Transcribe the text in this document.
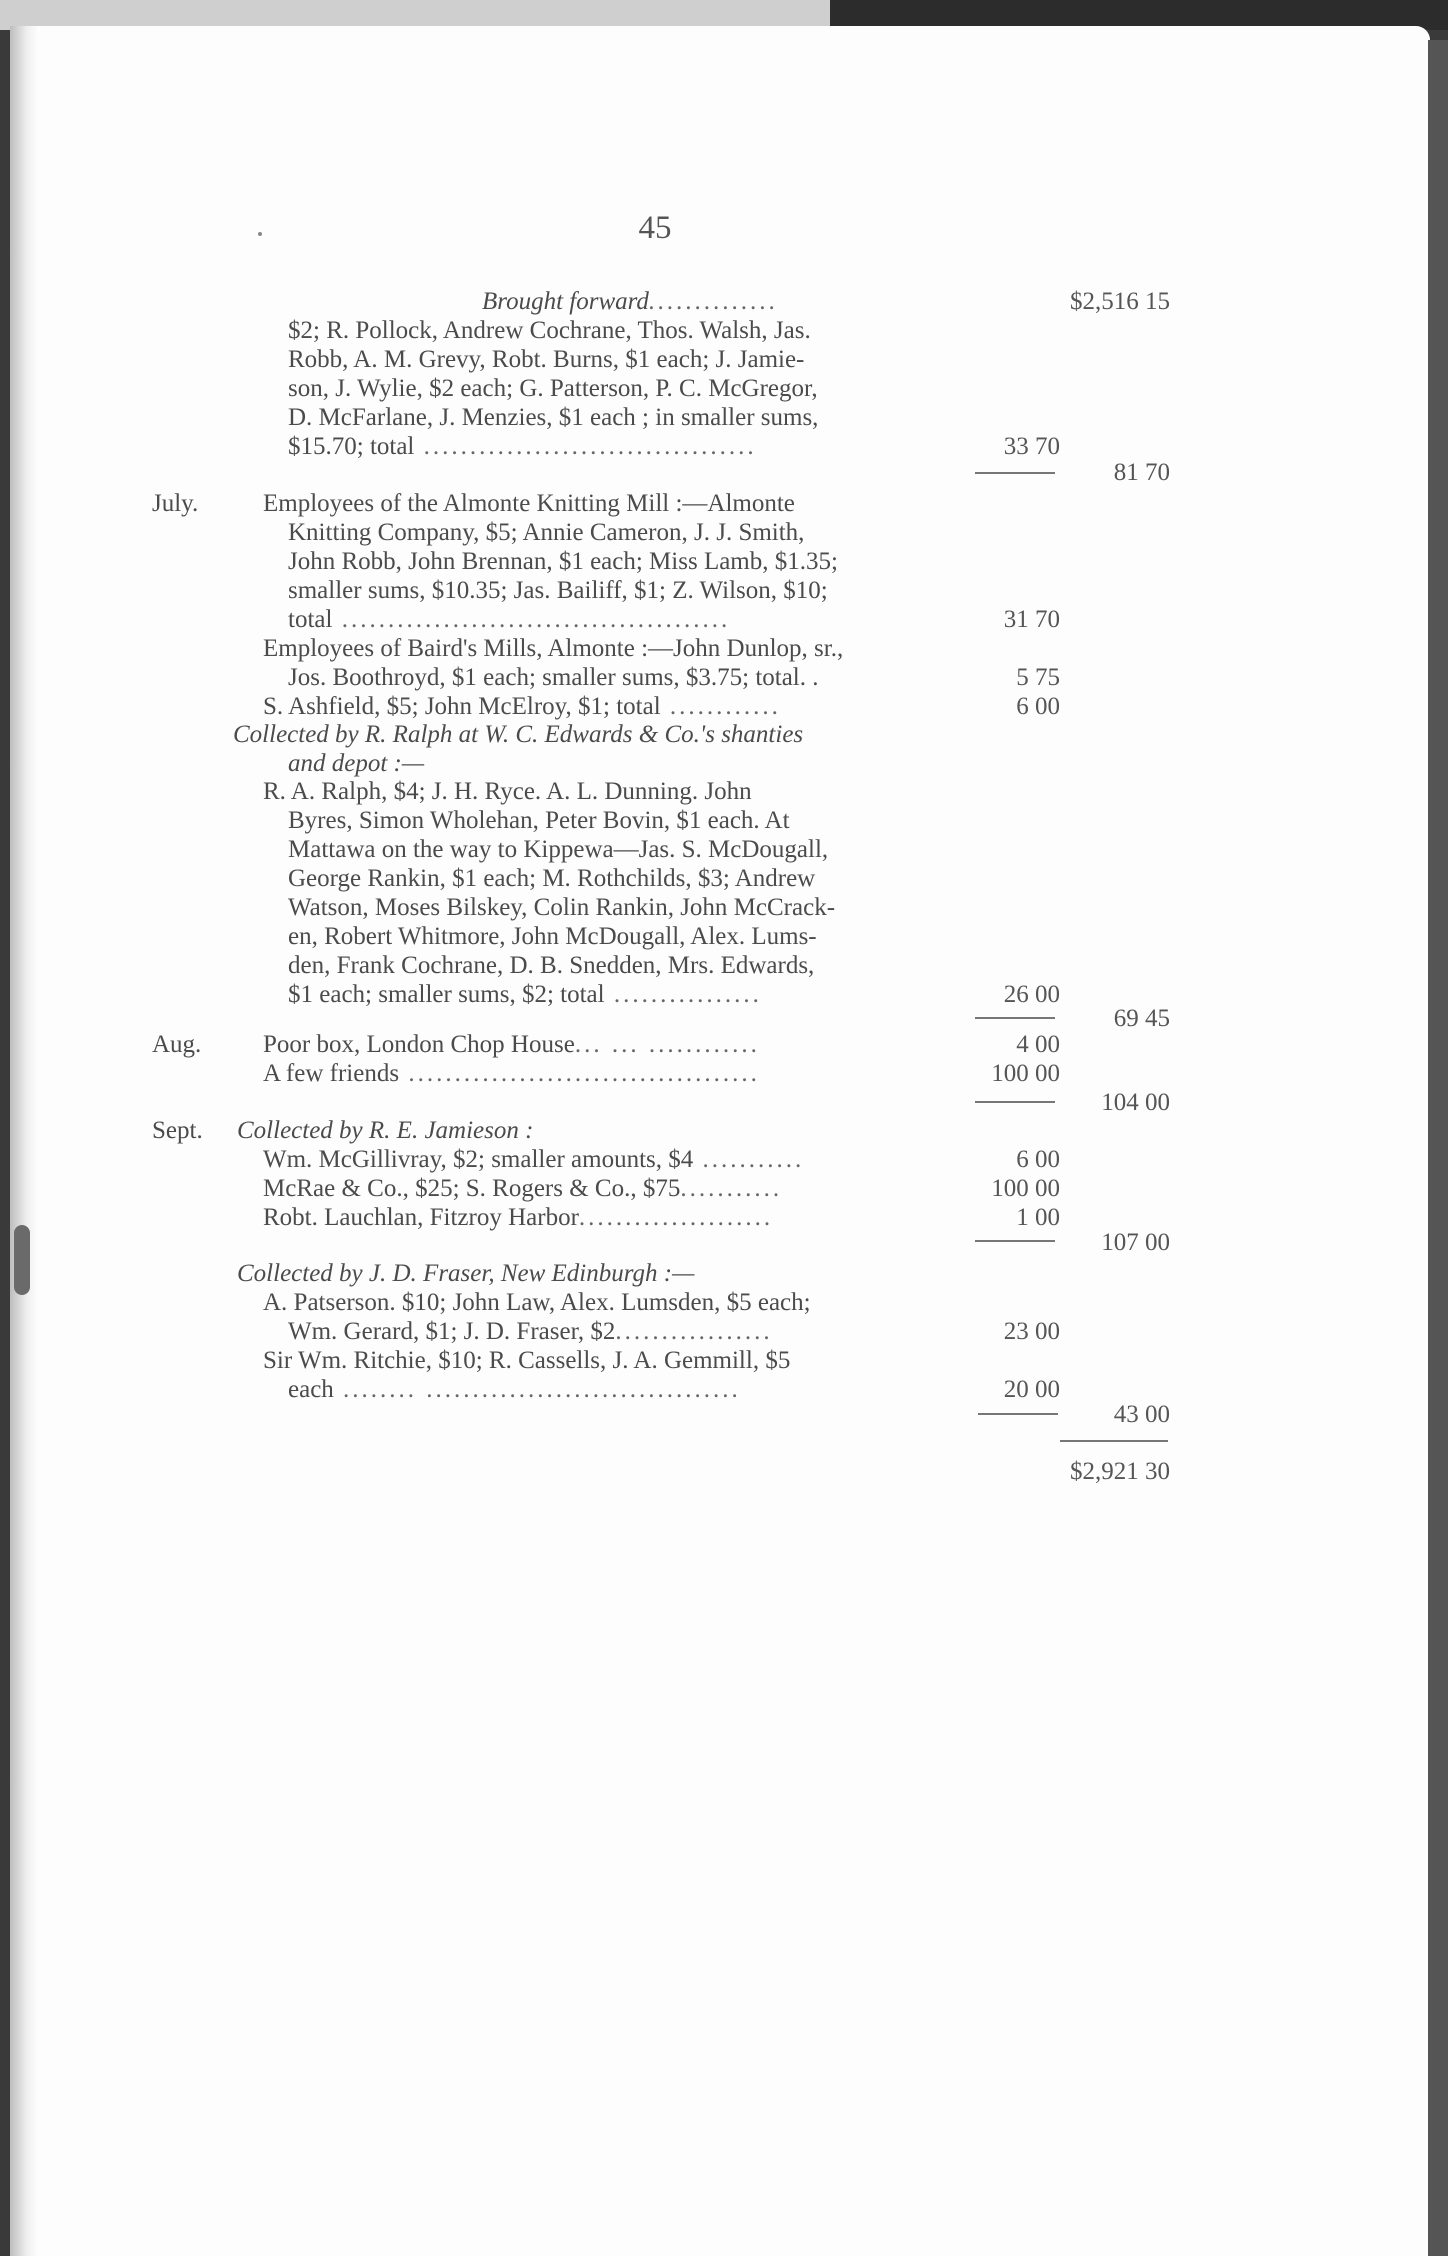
45
Brought forward..............	$2,516 15
$2; R. Pollock, Andrew Cochrane, Thos. Walsh, Jas.
Robb, A. M. Grevy, Robt. Burns, $1 each; J. Jamie-
son, J. Wylie, $2 each; G. Patterson, P. C. McGregor,
D. McFarlane, J. Menzies, $1 each ; in smaller sums,
$15.70; total ....................................	33 70
81 70
July.	Employees of the Almonte Knitting Mill :—Almonte
Knitting Company, $5; Annie Cameron, J. J. Smith,
John Robb, John Brennan, $1 each; Miss Lamb, $1.35;
smaller sums, $10.35; Jas. Bailiff, $1; Z. Wilson, $10;
total ..........................................	31 70
Employees of Baird's Mills, Almonte :—John Dunlop, sr.,
Jos. Boothroyd, $1 each; smaller sums, $3.75; total. .	5 75
S. Ashfield, $5; John McElroy, $1; total ............	6 00
Collected by R. Ralph at W. C. Edwards & Co.'s shanties
and depot :—
R. A. Ralph, $4; J. H. Ryce. A. L. Dunning. John
Byres, Simon Wholehan, Peter Bovin, $1 each. At
Mattawa on the way to Kippewa—Jas. S. McDougall,
George Rankin, $1 each; M. Rothchilds, $3; Andrew
Watson, Moses Bilskey, Colin Rankin, John McCrack-
en, Robert Whitmore, John McDougall, Alex. Lums-
den, Frank Cochrane, D. B. Snedden, Mrs. Edwards,
$1 each; smaller sums, $2; total ................	26 00
69 45
Aug. Poor box, London Chop House... ... ............	4 00
A few friends ......................................	100 00
104 00
Sept. Collected by R. E. Jamieson :
Wm. McGillivray, $2; smaller amounts, $4 ...........	6 00
McRae & Co., $25; S. Rogers & Co., $75...........	100 00
Robt. Lauchlan, Fitzroy Harbor.....................	1 00
107 00
Collected by J. D. Fraser, New Edinburgh :—
A. Patserson. $10; John Law, Alex. Lumsden, $5 each;
Wm. Gerard, $1; J. D. Fraser, $2.................	23 00
Sir Wm. Ritchie, $10; R. Cassells, J. A. Gemmill, $5
each ........ ..................................	20 00
43 00
$2,921 30
